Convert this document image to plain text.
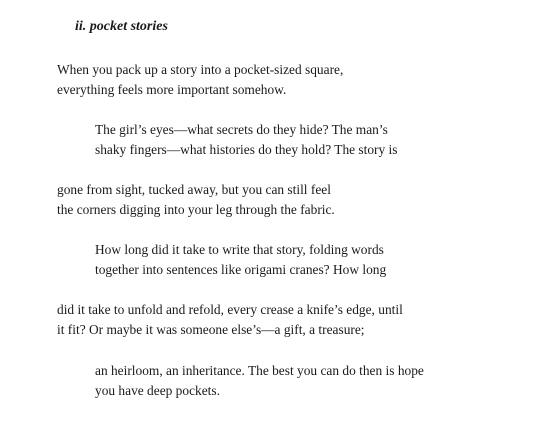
ii. pocket stories

When you pack up a story into a pocket-sized square,
everything feels more important somehow.

The girl’s eyes—what secrets do they hide? The man’s
shaky fingers—what histories do they hold? The story is

gone from sight, tucked away, but you can still feel
the corners digging into your leg through the fabric.

How long did it take to write that story, folding words
together into sentences like origami cranes? How long

did it take to unfold and refold, every crease a knife’s edge, until
it fit? Or maybe it was someone else’s—a gift, a treasure;

an heirloom, an inheritance. The best you can do then is hope
you have deep pockets.
